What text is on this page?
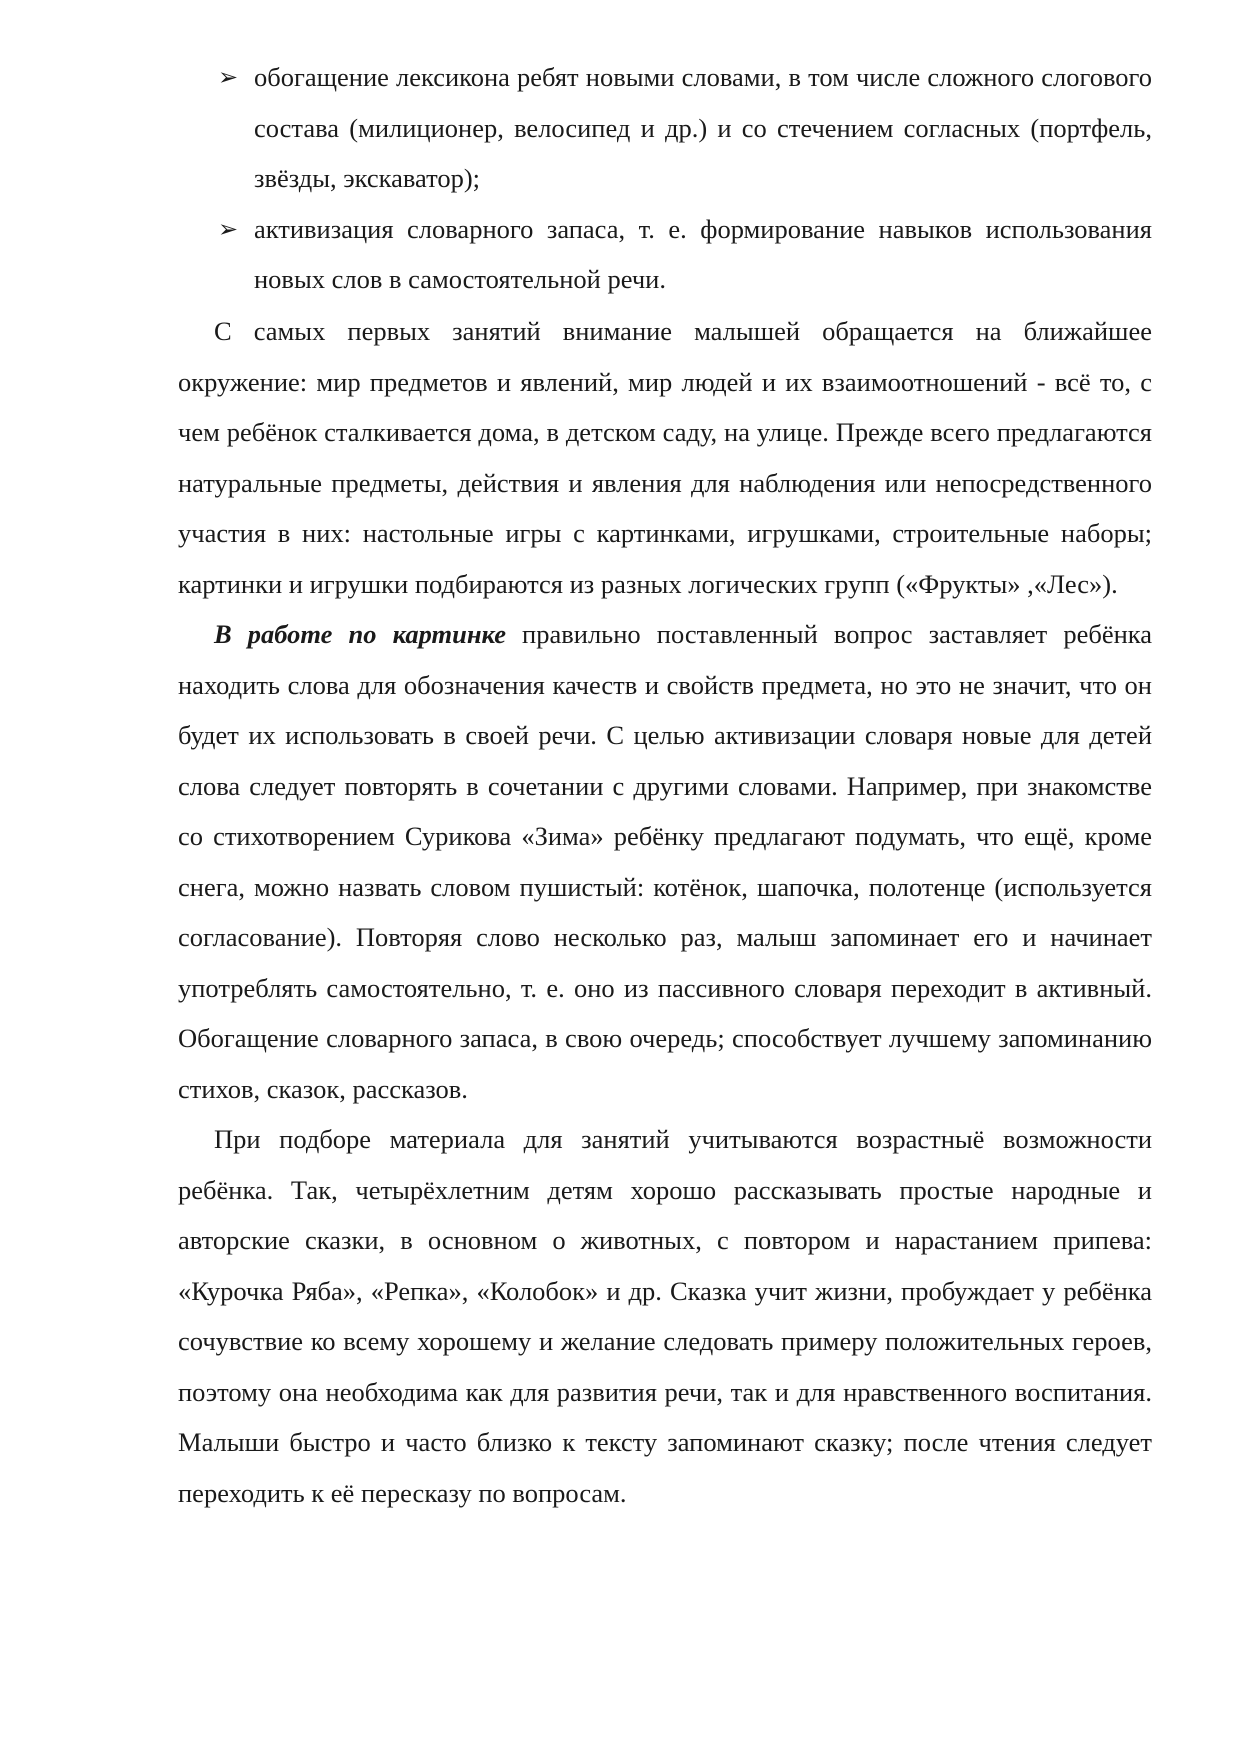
➢ обогащение лексикона ребят новыми словами, в том числе сложного слогового состава (милиционер, велосипед и др.) и со стечением согласных (портфель, звёзды, экскаватор);
➢ активизация словарного запаса, т. е. формирование навыков использования новых слов в самостоятельной речи.

С самых первых занятий внимание малышей обращается на ближайшее окружение: мир предметов и явлений, мир людей и их взаимоотношений - всё то, с чем ребёнок сталкивается дома, в детском саду, на улице. Прежде всего предлагаются натуральные предметы, действия и явления для наблюдения или непосредственного участия в них: настольные игры с картинками, игрушками, строительные наборы; картинки и игрушки подбираются из разных логических групп («Фрукты» ,«Лес»).

В работе по картинке правильно поставленный вопрос заставляет ребёнка находить слова для обозначения качеств и свойств предмета, но это не значит, что он будет их использовать в своей речи. С целью активизации словаря новые для детей слова следует повторять в сочетании с другими словами. Например, при знакомстве со стихотворением Сурикова «Зима» ребёнку предлагают подумать, что ещё, кроме снега, можно назвать словом пушистый: котёнок, шапочка, полотенце (используется согласование). Повторяя слово несколько раз, малыш запоминает его и начинает употреблять самостоятельно, т. е. оно из пассивного словаря переходит в активный. Обогащение словарного запаса, в свою очередь; способствует лучшему запоминанию стихов, сказок, рассказов.

При подборе материала для занятий учитываются возрастныё возможности ребёнка. Так, четырёхлетним детям хорошо рассказывать простые народные и авторские сказки, в основном о животных, с повтором и нарастанием припева: «Курочка Ряба», «Репка», «Колобок» и др. Сказка учит жизни, пробуждает у ребёнка сочувствие ко всему хорошему и желание следовать примеру положительных героев, поэтому она необходима как для развития речи, так и для нравственного воспитания. Малыши быстро и часто близко к тексту запоминают сказку; после чтения следует переходить к её пересказу по вопросам.
